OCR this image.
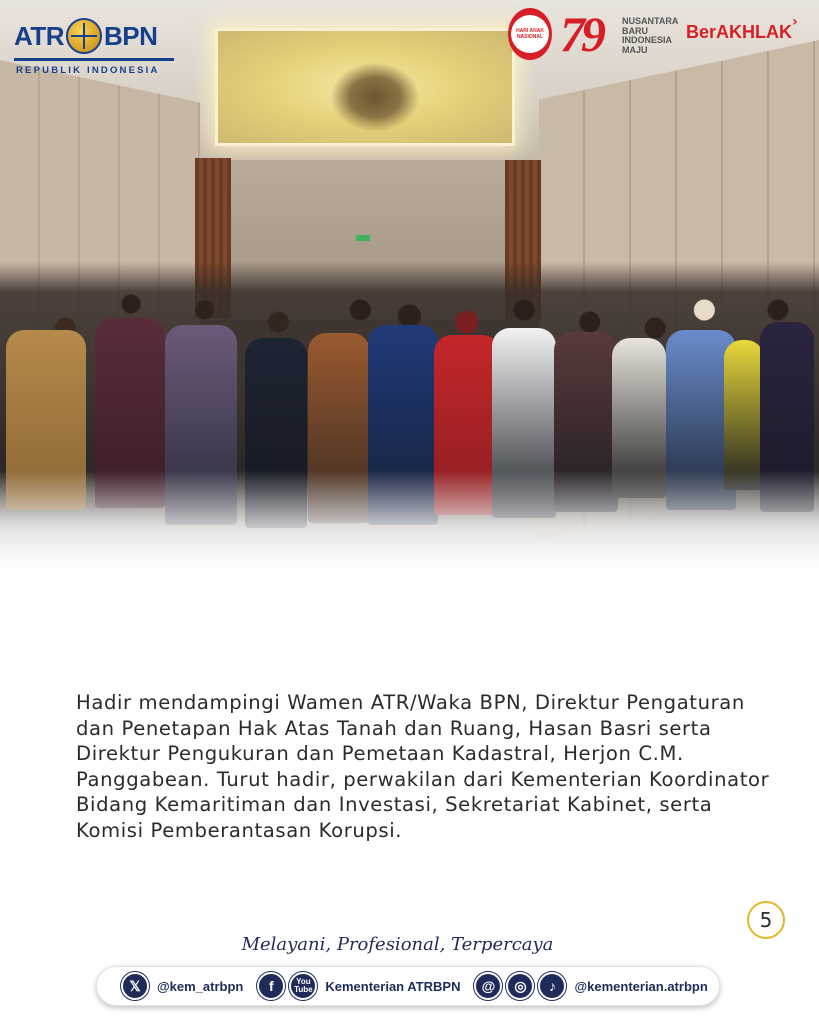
ATR BPN
REPUBLIK INDONESIA
HARI ANAK NASIONAL 79	NUSANTARA
BARU
INDONESIA
MAJU
BerAKHLAK ›

Hadir mendampingi Wamen ATR/Waka BPN, Direktur Pengaturan dan Penetapan Hak Atas Tanah dan Ruang, Hasan Basri serta Direktur Pengukuran dan Pemetaan Kadastral, Herjon C.M. Panggabean. Turut hadir, perwakilan dari Kementerian Koordinator Bidang Kemaritiman dan Investasi, Sekretariat Kabinet, serta Komisi Pemberantasan Korupsi.

5
Melayani, Profesional, Terpercaya
𝕏	@kem_atrbpn	f	You
Tube Kementerian ATRBPN	@	◎	♪	@kementerian.atrbpn
